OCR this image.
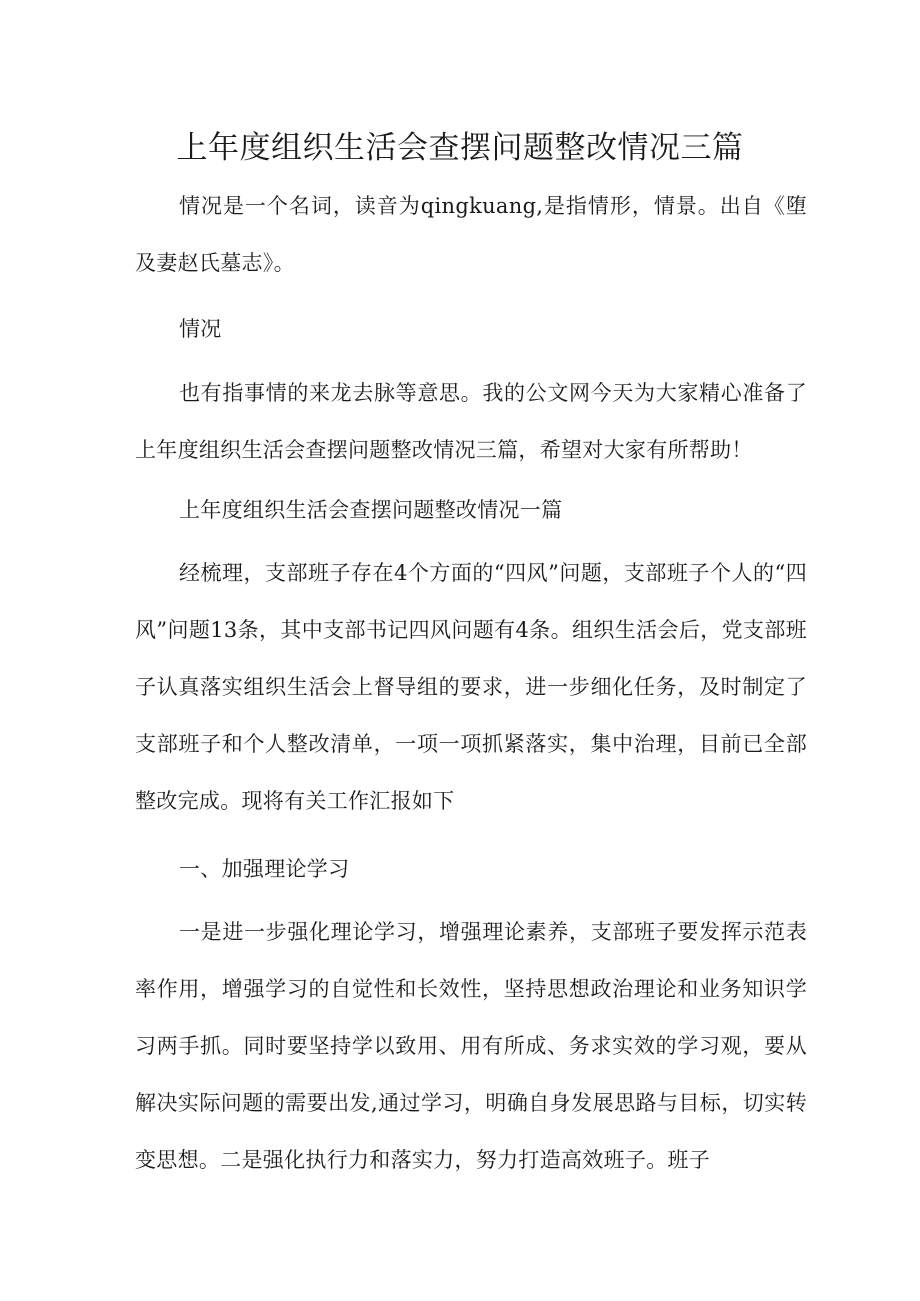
上年度组织生活会查摆问题整改情况三篇

情况是一个名词，读音为qingkuang,是指情形，情景。出自《堕及妻赵氏墓志》。

情况

也有指事情的来龙去脉等意思。我的公文网今天为大家精心准备了上年度组织生活会查摆问题整改情况三篇，希望对大家有所帮助！

上年度组织生活会查摆问题整改情况一篇

经梳理，支部班子存在4个方面的“四风”问题，支部班子个人的“四风”问题13条，其中支部书记四风问题有4条。组织生活会后，党支部班子认真落实组织生活会上督导组的要求，进一步细化任务，及时制定了支部班子和个人整改清单，一项一项抓紧落实，集中治理，目前已全部整改完成。现将有关工作汇报如下

一、加强理论学习

一是进一步强化理论学习，增强理论素养，支部班子要发挥示范表率作用，增强学习的自觉性和长效性，坚持思想政治理论和业务知识学习两手抓。同时要坚持学以致用、用有所成、务求实效的学习观，要从解决实际问题的需要出发,通过学习，明确自身发展思路与目标，切实转变思想。二是强化执行力和落实力，努力打造高效班子。班子
